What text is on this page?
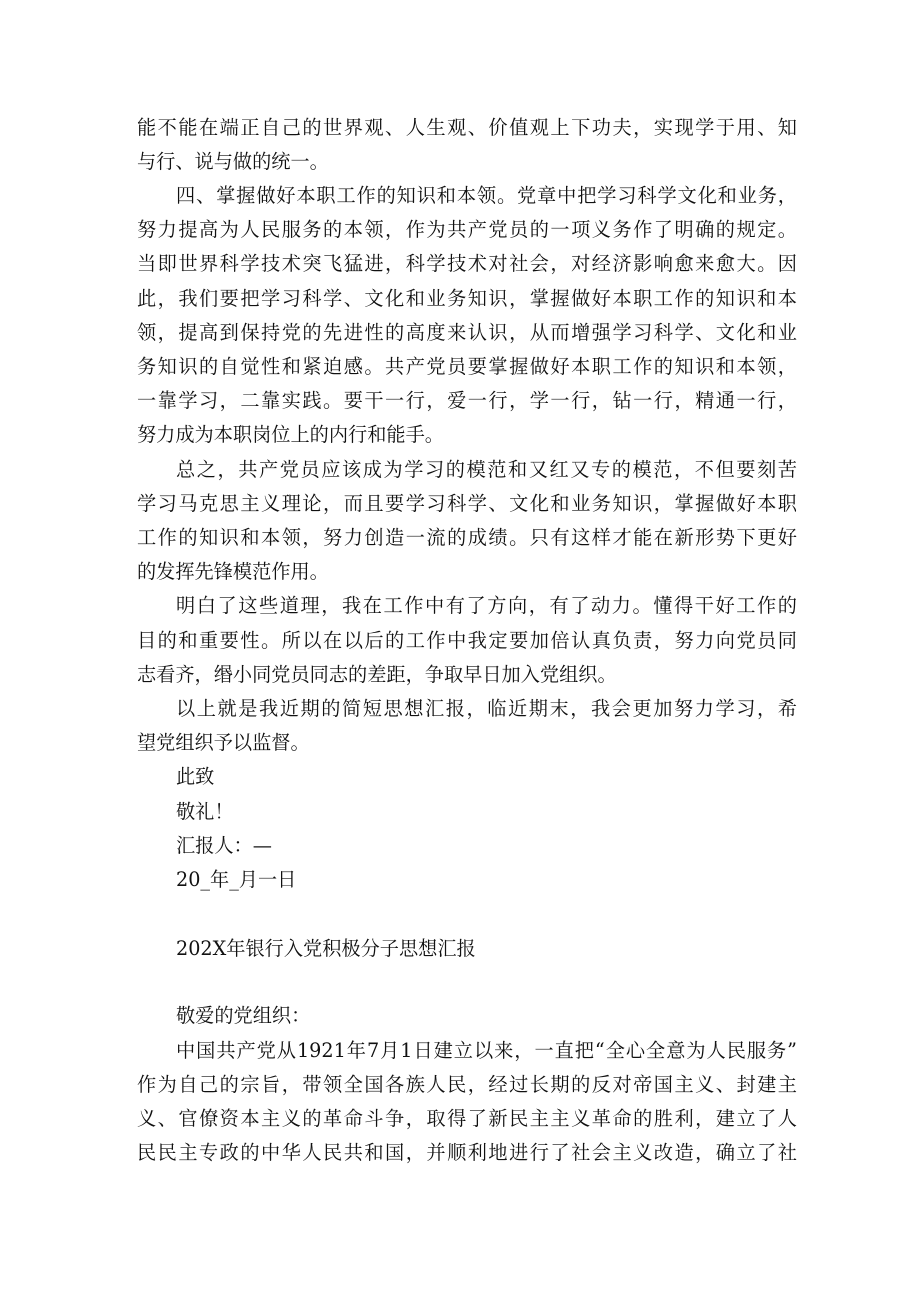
能不能在端正自己的世界观、人生观、价值观上下功夫，实现学于用、知
与行、说与做的统一。
四、掌握做好本职工作的知识和本领。党章中把学习科学文化和业务，
努力提高为人民服务的本领，作为共产党员的一项义务作了明确的规定。
当即世界科学技术突飞猛进，科学技术对社会，对经济影响愈来愈大。因
此，我们要把学习科学、文化和业务知识，掌握做好本职工作的知识和本
领，提高到保持党的先进性的高度来认识，从而增强学习科学、文化和业
务知识的自觉性和紧迫感。共产党员要掌握做好本职工作的知识和本领，
一靠学习，二靠实践。要干一行，爱一行，学一行，钻一行，精通一行，
努力成为本职岗位上的内行和能手。
总之，共产党员应该成为学习的模范和又红又专的模范，不但要刻苦
学习马克思主义理论，而且要学习科学、文化和业务知识，掌握做好本职
工作的知识和本领，努力创造一流的成绩。只有这样才能在新形势下更好
的发挥先锋模范作用。
明白了这些道理，我在工作中有了方向，有了动力。懂得干好工作的
目的和重要性。所以在以后的工作中我定要加倍认真负责，努力向党员同
志看齐，缗小同党员同志的差距，争取早日加入党组织。
以上就是我近期的简短思想汇报，临近期末，我会更加努力学习，希
望党组织予以监督。
此致
敬礼！
汇报人：—
20_年_月一日
202X年银行入党积极分子思想汇报
敬爱的党组织：
中国共产党从1921年7月1日建立以来，一直把“全心全意为人民服务”
作为自己的宗旨，带领全国各族人民，经过长期的反对帝国主义、封建主
义、官僚资本主义的革命斗争，取得了新民主主义革命的胜利，建立了人
民民主专政的中华人民共和国，并顺利地进行了社会主义改造，确立了社
